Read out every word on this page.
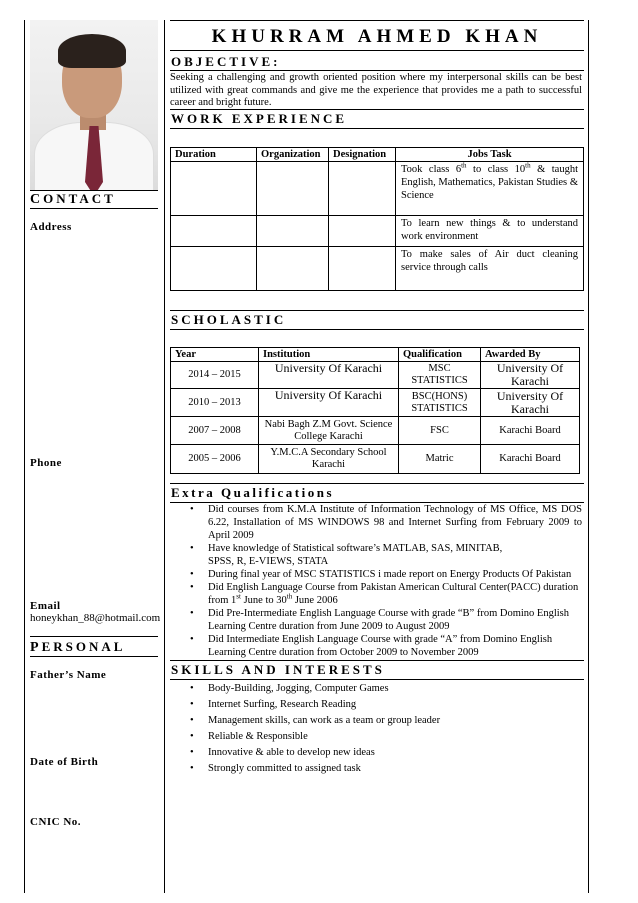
CONTACT
Address
Phone
Email
honeykhan_88@hotmail.com
PERSONAL
Father’s Name
Date of Birth
CNIC No.
KHURRAM AHMED KHAN
OBJECTIVE:
Seeking a challenging and growth oriented position where my interpersonal skills can be best utilized with great commands and give me the experience that provides me a path to successful career and bright future.
WORK EXPERIENCE
Duration	Organization	Designation	Jobs Task
			Took class 6th to class 10th & taught English, Mathematics, Pakistan Studies & Science
			To learn new things & to understand work environment
			To make sales of Air duct cleaning service through calls
SCHOLASTIC
Year	Institution	Qualification	Awarded By
2014 – 2015	University Of Karachi	MSC STATISTICS	University Of Karachi
2010 – 2013	University Of Karachi	BSC(HONS) STATISTICS	University Of Karachi
2007 – 2008	Nabi Bagh Z.M Govt. Science College Karachi	FSC	Karachi Board
2005 – 2006	Y.M.C.A Secondary School Karachi	Matric	Karachi Board
Extra Qualifications
• Did courses from K.M.A Institute of Information Technology of MS Office, MS DOS 6.22, Installation of MS WINDOWS 98 and Internet Surfing from February 2009 to April 2009
• Have knowledge of Statistical software’s MATLAB, SAS, MINITAB, SPSS, R, E-VIEWS, STATA
• During final year of MSC STATISTICS i made report on Energy Products Of Pakistan
• Did English Language Course from Pakistan American Cultural Center(PACC) duration from 1st June to 30th June 2006
• Did Pre-Intermediate English Language Course with grade “B” from Domino English Learning Centre duration from June 2009 to August 2009
• Did Intermediate English Language Course with grade “A” from Domino English Learning Centre duration from October 2009 to November 2009
SKILLS AND INTERESTS
• Body-Building, Jogging, Computer Games
• Internet Surfing, Research Reading
• Management skills, can work as a team or group leader
• Reliable & Responsible
• Innovative & able to develop new ideas
• Strongly committed to assigned task
